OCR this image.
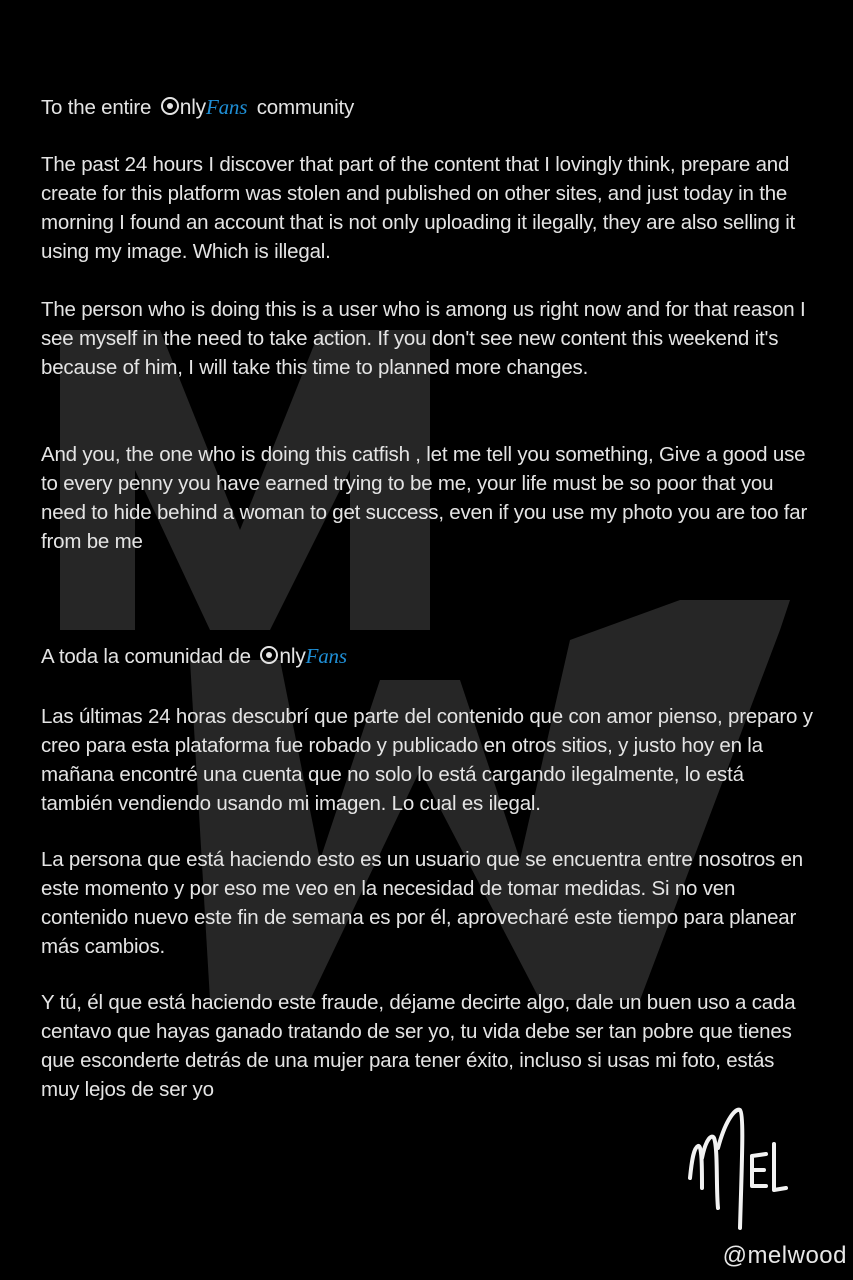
To the entire nlyFans community

The past 24 hours I discover that part of the content that I lovingly think, prepare and create for this platform was stolen and published on other sites, and just today in the morning I found an account that is not only uploading it ilegally, they are also selling it using my image. Which is illegal.

The person who is doing this is a user who is among us right now and for that reason I see myself in the need to take action. If you don't see new content this weekend it's because of him, I will take this time to planned more changes.

And you, the one who is doing this catfish , let me tell you something, Give a good use to every penny you have earned trying to be me, your life must be so poor that you need to hide behind a woman to get success, even if you use my photo you are too far from be me

A toda la comunidad de nlyFans

Las últimas 24 horas descubrí que parte del contenido que con amor pienso, preparo y creo para esta plataforma fue robado y publicado en otros sitios, y justo hoy en la mañana encontré una cuenta que no solo lo está cargando ilegalmente, lo está también vendiendo usando mi imagen. Lo cual es ilegal.

La persona que está haciendo esto es un usuario que se encuentra entre nosotros en este momento y por eso me veo en la necesidad de tomar medidas. Si no ven contenido nuevo este fin de semana es por él, aprovecharé este tiempo para planear más cambios.

Y tú, él que está haciendo este fraude, déjame decirte algo, dale un buen uso a cada centavo que hayas ganado tratando de ser yo, tu vida debe ser tan pobre que tienes que esconderte detrás de una mujer para tener éxito, incluso si usas mi foto, estás muy lejos de ser yo

@melwood
